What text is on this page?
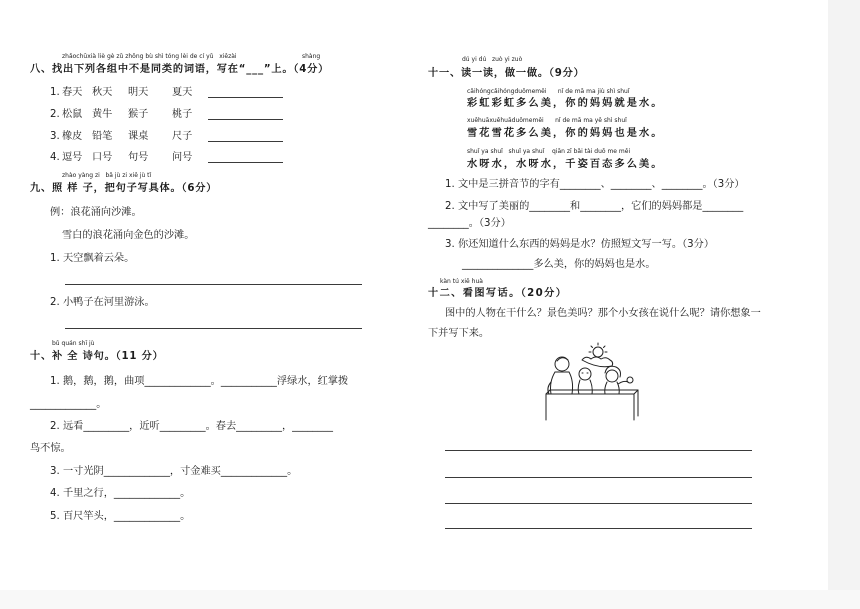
zhǎochūxià liè gè zǔ zhōng bù shì tóng lèi de cí yǔ   xiězài	shàng
八、找出下列各组中不是同类的词语，写在“___”上。（4分）
1. 春天 秋天 明天 夏天
2. 松鼠 黄牛 猴子 桃子
3. 橡皮 铅笔 课桌 尺子
4. 逗号 口号 句号 问号
zhào yàng zi   bǎ jù zi xiě jù tǐ
九、照 样 子，把句子写具体。（6分）
例：浪花涌向沙滩。
雪白的浪花涌向金色的沙滩。
1. 天空飘着云朵。
2. 小鸭子在河里游泳。
bǔ quán shī jù
十、补 全 诗句。（11 分）
1. 鹅，鹅，鹅，曲项_____________。___________浮绿水，红掌拨
_____________。
2. 远看_________，近听_________。春去_________，________
鸟不惊。
3. 一寸光阴_____________，寸金难买_____________。
4. 千里之行，_____________。
5. 百尺竿头，_____________。
dú yi dú   zuò yi zuò
十一、读一读，做一做。（9分）
cǎihóngcǎihóngduōmeměi      nǐ de mā ma jiù shì shuǐ
彩虹彩虹多么美，你的妈妈就是水。
xuěhuāxuěhuāduōmeměi      nǐ de mā ma yě shì shuǐ
雪花雪花多么美，你的妈妈也是水。
shuǐ ya shuǐ   shuǐ ya shuǐ    qiān zī bǎi tài duō me měi
水呀水，水呀水，千姿百态多么美。
1. 文中是三拼音节的字有________、________、________。（3分）
2. 文中写了美丽的________和________，它们的妈妈都是________
________。（3分）
3. 你还知道什么东西的妈妈是水？仿照短文写一写。（3分）
______________多么美，你的妈妈也是水。
kàn tú xiě huà
十二、看图写话。（20分）
图中的人物在干什么？景色美吗？那个小女孩在说什么呢？请你想象一
下并写下来。
